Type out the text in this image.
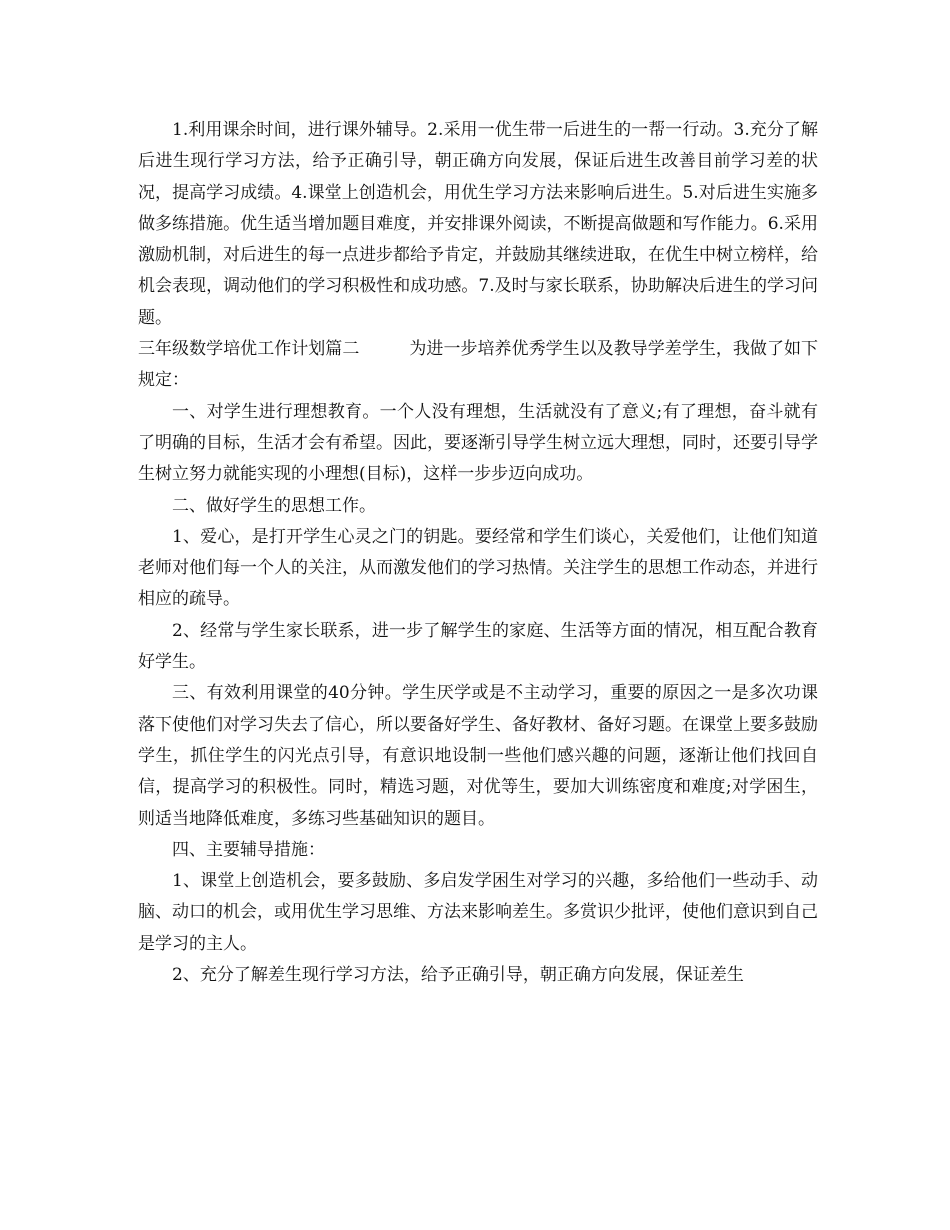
1.利用课余时间，进行课外辅导。2.采用一优生带一后进生的一帮一行动。3.充分了解后进生现行学习方法，给予正确引导，朝正确方向发展，保证后进生改善目前学习差的状况，提高学习成绩。4.课堂上创造机会，用优生学习方法来影响后进生。5.对后进生实施多做多练措施。优生适当增加题目难度，并安排课外阅读，不断提高做题和写作能力。6.采用激励机制，对后进生的每一点进步都给予肯定，并鼓励其继续进取，在优生中树立榜样，给机会表现，调动他们的学习积极性和成功感。7.及时与家长联系，协助解决后进生的学习问题。

三年级数学培优工作计划篇二	为进一步培养优秀学生以及教导学差学生，我做了如下规定：

一、对学生进行理想教育。一个人没有理想，生活就没有了意义;有了理想，奋斗就有了明确的目标，生活才会有希望。因此，要逐渐引导学生树立远大理想，同时，还要引导学生树立努力就能实现的小理想(目标)，这样一步步迈向成功。

二、做好学生的思想工作。

1、爱心，是打开学生心灵之门的钥匙。要经常和学生们谈心，关爱他们，让他们知道老师对他们每一个人的关注，从而激发他们的学习热情。关注学生的思想工作动态，并进行相应的疏导。

2、经常与学生家长联系，进一步了解学生的家庭、生活等方面的情况，相互配合教育好学生。

三、有效利用课堂的40分钟。学生厌学或是不主动学习，重要的原因之一是多次功课落下使他们对学习失去了信心，所以要备好学生、备好教材、备好习题。在课堂上要多鼓励学生，抓住学生的闪光点引导，有意识地设制一些他们感兴趣的问题，逐渐让他们找回自信，提高学习的积极性。同时，精选习题，对优等生，要加大训练密度和难度;对学困生，则适当地降低难度，多练习些基础知识的题目。

四、主要辅导措施：

1、课堂上创造机会，要多鼓励、多启发学困生对学习的兴趣，多给他们一些动手、动脑、动口的机会，或用优生学习思维、方法来影响差生。多赏识少批评，使他们意识到自己是学习的主人。

2、充分了解差生现行学习方法，给予正确引导，朝正确方向发展，保证差生
